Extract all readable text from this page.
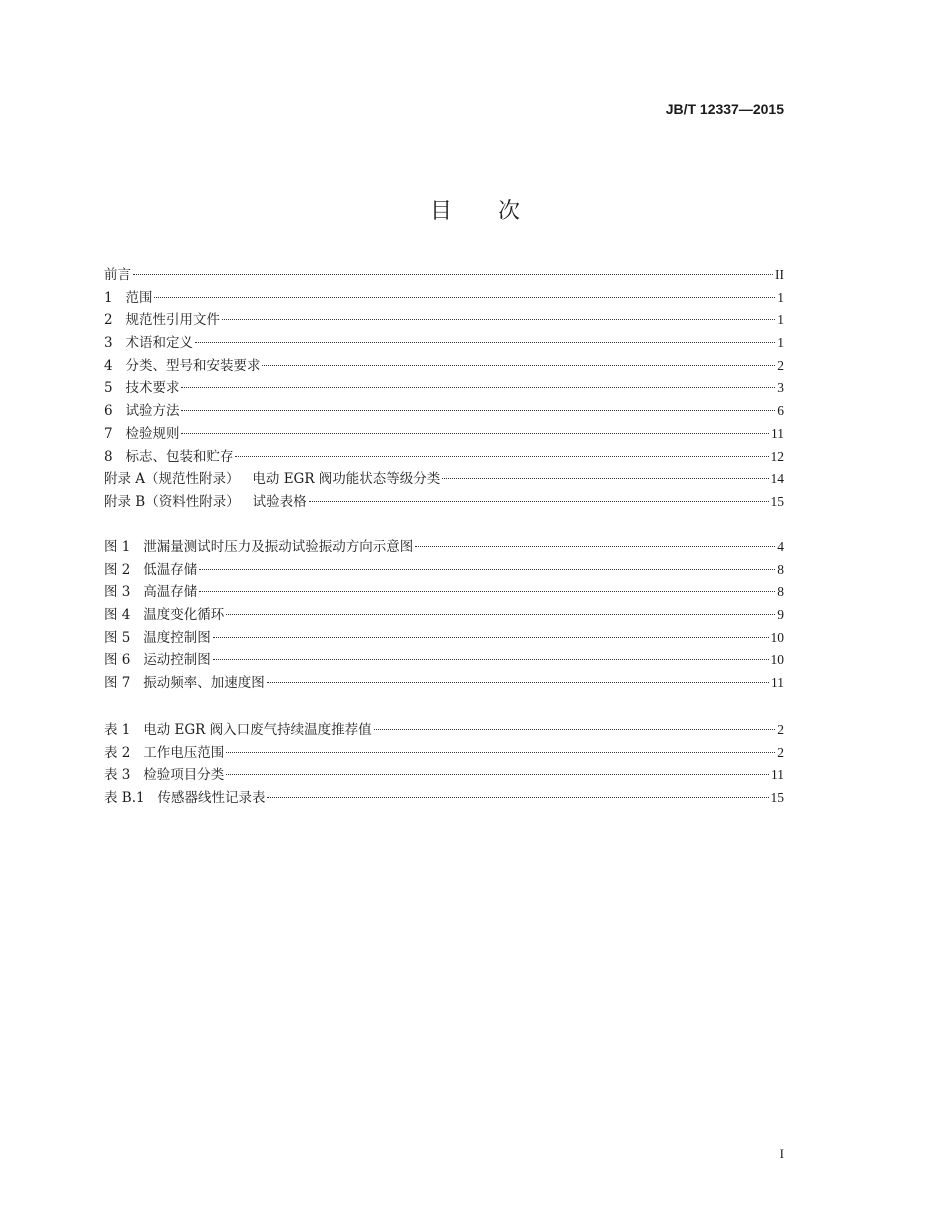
JB/T 12337—2015
目次
前言	II
1   范围	1
2   规范性引用文件	1
3   术语和定义	1
4   分类、型号和安装要求	2
5   技术要求	3
6   试验方法	6
7   检验规则	11
8   标志、包装和贮存	12
附录 A（规范性附录）   电动 EGR 阀功能状态等级分类	14
附录 B（资料性附录）   试验表格	15
图 1   泄漏量测试时压力及振动试验振动方向示意图	4
图 2   低温存储	8
图 3   高温存储	8
图 4   温度变化循环	9
图 5   温度控制图	10
图 6   运动控制图	10
图 7   振动频率、加速度图	11
表 1   电动 EGR 阀入口废气持续温度推荐值	2
表 2   工作电压范围	2
表 3   检验项目分类	11
表 B.1   传感器线性记录表	15
I
